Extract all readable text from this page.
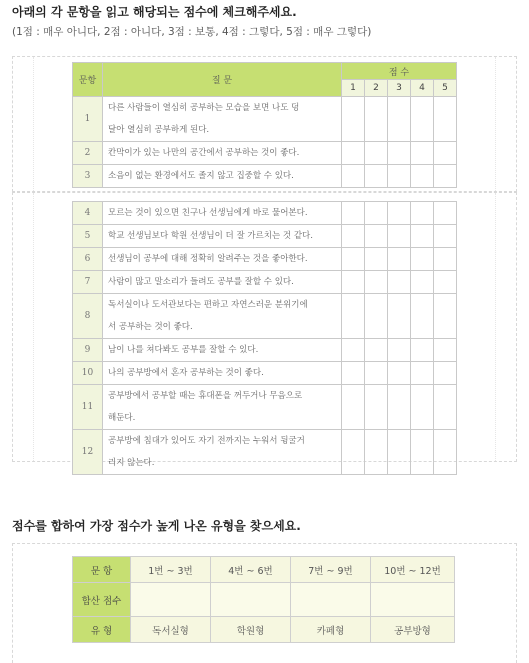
아래의 각 문항을 읽고 해당되는 점수에 체크해주세요.
(1점 : 매우 아니다, 2점 : 아니다, 3점 : 보통, 4점 : 그렇다, 5점 : 매우 그렇다)
문항	질 문	점 수				
		1	2	3	4	5
1	다른 사람들이 열심히 공부하는 모습을 보면 나도 덩
달아 열심히 공부하게 된다.					
2	칸막이가 있는 나만의 공간에서 공부하는 것이 좋다.					
3	소음이 없는 환경에서도 졸지 않고 집중할 수 있다.					
4	모르는 것이 있으면 친구나 선생님에게 바로 물어본다.					
5	학교 선생님보다 학원 선생님이 더 잘 가르치는 것 같다.					
6	선생님이 공부에 대해 정확히 알려주는 것을 좋아한다.					
7	사람이 많고 말소리가 들려도 공부를 잘할 수 있다.					
8	독서실이나 도서관보다는 편하고 자연스러운 분위기에
서 공부하는 것이 좋다.					
9	남이 나를 쳐다봐도 공부를 잘할 수 있다.					
10	나의 공부방에서 혼자 공부하는 것이 좋다.					
11	공부방에서 공부할 때는 휴대폰을 꺼두거나 무음으로
해둔다.					
12	공부방에 침대가 있어도 자기 전까지는 누워서 뒹굴거
리지 않는다.					
점수를 합하여 가장 점수가 높게 나온 유형을 찾으세요.
문 항	1번 ~ 3번	4번 ~ 6번	7번 ~ 9번	10번 ~ 12번
합산 점수				
유 형	독서실형	학원형	카페형	공부방형
